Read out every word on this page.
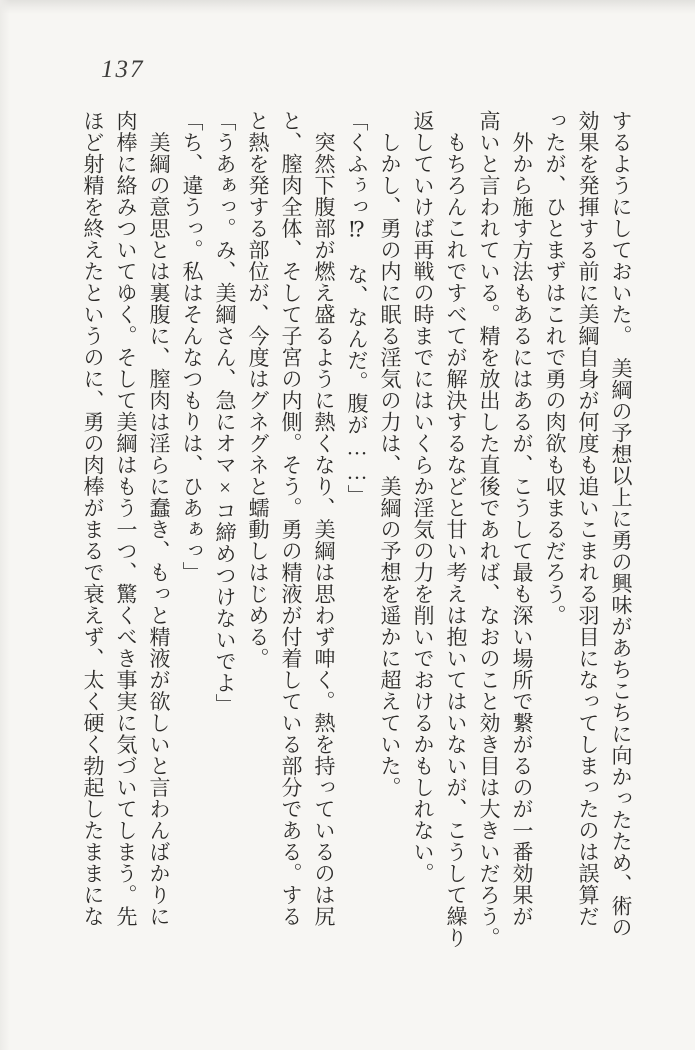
137

するようにしておいた。　美綱の予想以上に勇の興味があちこちに向かったため、術の

効果を発揮する前に美綱自身が何度も追いこまれる羽目になってしまったのは誤算だ

ったが、ひとまずはこれで勇の肉欲も収まるだろう。

　外から施す方法もあるにはあるが、こうして最も深い場所で繋がるのが一番効果が

高いと言われている。精を放出した直後であれば、なおのこと効き目は大きいだろう。

　もちろんこれですべてが解決するなどと甘い考えは抱いてはいないが、こうして繰り

返していけば再戦の時までにはいくらか淫気の力を削いでおけるかもしれない。

　しかし、勇の内に眠る淫気の力は、美綱の予想を遥かに超えていた。

「くふぅっ⁉　な、なんだ。腹が……」

　突然下腹部が燃え盛るように熱くなり、美綱は思わず呻く。熱を持っているのは尻

と、膣肉全体、そして子宮の内側。そう。勇の精液が付着している部分である。する

と熱を発する部位が、今度はグネグネと蠕動しはじめる。

「うあぁっ。み、美綱さん、急にオマ×コ締めつけないでよ」

「ち、違うっ。私はそんなつもりは、ひあぁっ」

　美綱の意思とは裏腹に、膣肉は淫らに蠢き、もっと精液が欲しいと言わんばかりに

肉棒に絡みついてゆく。そして美綱はもう一つ、驚くべき事実に気づいてしまう。先

ほど射精を終えたというのに、勇の肉棒がまるで衰えず、太く硬く勃起したままにな
